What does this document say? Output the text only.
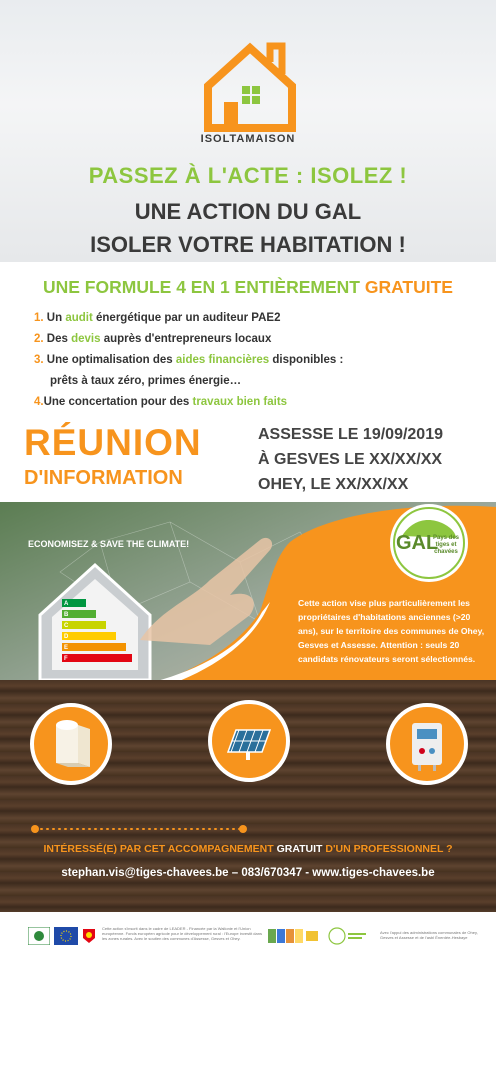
ISOLTAMAISON
PASSEZ À L'ACTE : ISOLEZ !
UNE ACTION DU GAL
ISOLER VOTRE HABITATION !
UNE FORMULE 4 EN 1 ENTIÈREMENT GRATUITE
1. Un audit énergétique par un auditeur PAE2
2. Des devis auprès d'entrepreneurs locaux
3. Une optimalisation des aides financières disponibles :
prêts à taux zéro, primes énergie…
4.Une concertation pour des travaux bien faits
RÉUNION
D'INFORMATION
ASSESSE LE 19/09/2019
À GESVES LE XX/XX/XX
OHEY, LE XX/XX/XX
ECONOMISEZ & SAVE THE CLIMATE!
A
B
C
D
E
F
GAL
Pays des tiges et chavées
Cette action vise plus particulièrement les propriétaires d'habitations anciennes (>20 ans), sur le territoire des communes de Ohey, Gesves et Assesse. Attention : seuls 20 candidats rénovateurs seront sélectionnés.
INTÉRESSÉ(E) PAR CET ACCOMPAGNEMENT GRATUIT D'UN PROFESSIONNEL ?
stephan.vis@tiges-chavees.be – 083/670347 - www.tiges-chavees.be
Cette action s'inscrit dans le cadre de LEADER - Financée par la Wallonie et l'Union européenne. Fonds européen agricole pour le développement rural : l'Europe investit dans les zones rurales. Avec le soutien des communes d'Assesse, Gesves et Ohey.
Avec l'appui des administrations communales de Ohey, Gesves et Assesse et de l'asbl Énerdée-Hesbaye
